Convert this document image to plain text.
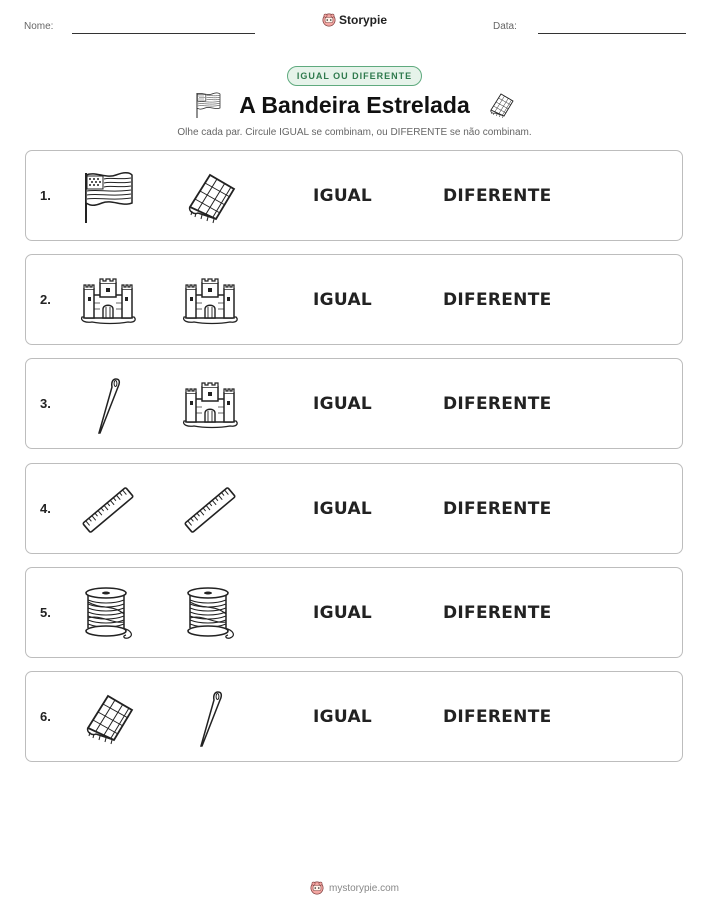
Nome:	Storypie	Data:
IGUAL OU DIFERENTE
A Bandeira Estrelada
Olhe cada par. Circule IGUAL se combinam, ou DIFERENTE se não combinam.
1.	IGUAL	DIFERENTE
2.	IGUAL	DIFERENTE
3.	IGUAL	DIFERENTE
4.	IGUAL	DIFERENTE
5.	IGUAL	DIFERENTE
6.	IGUAL	DIFERENTE
mystorypie.com
